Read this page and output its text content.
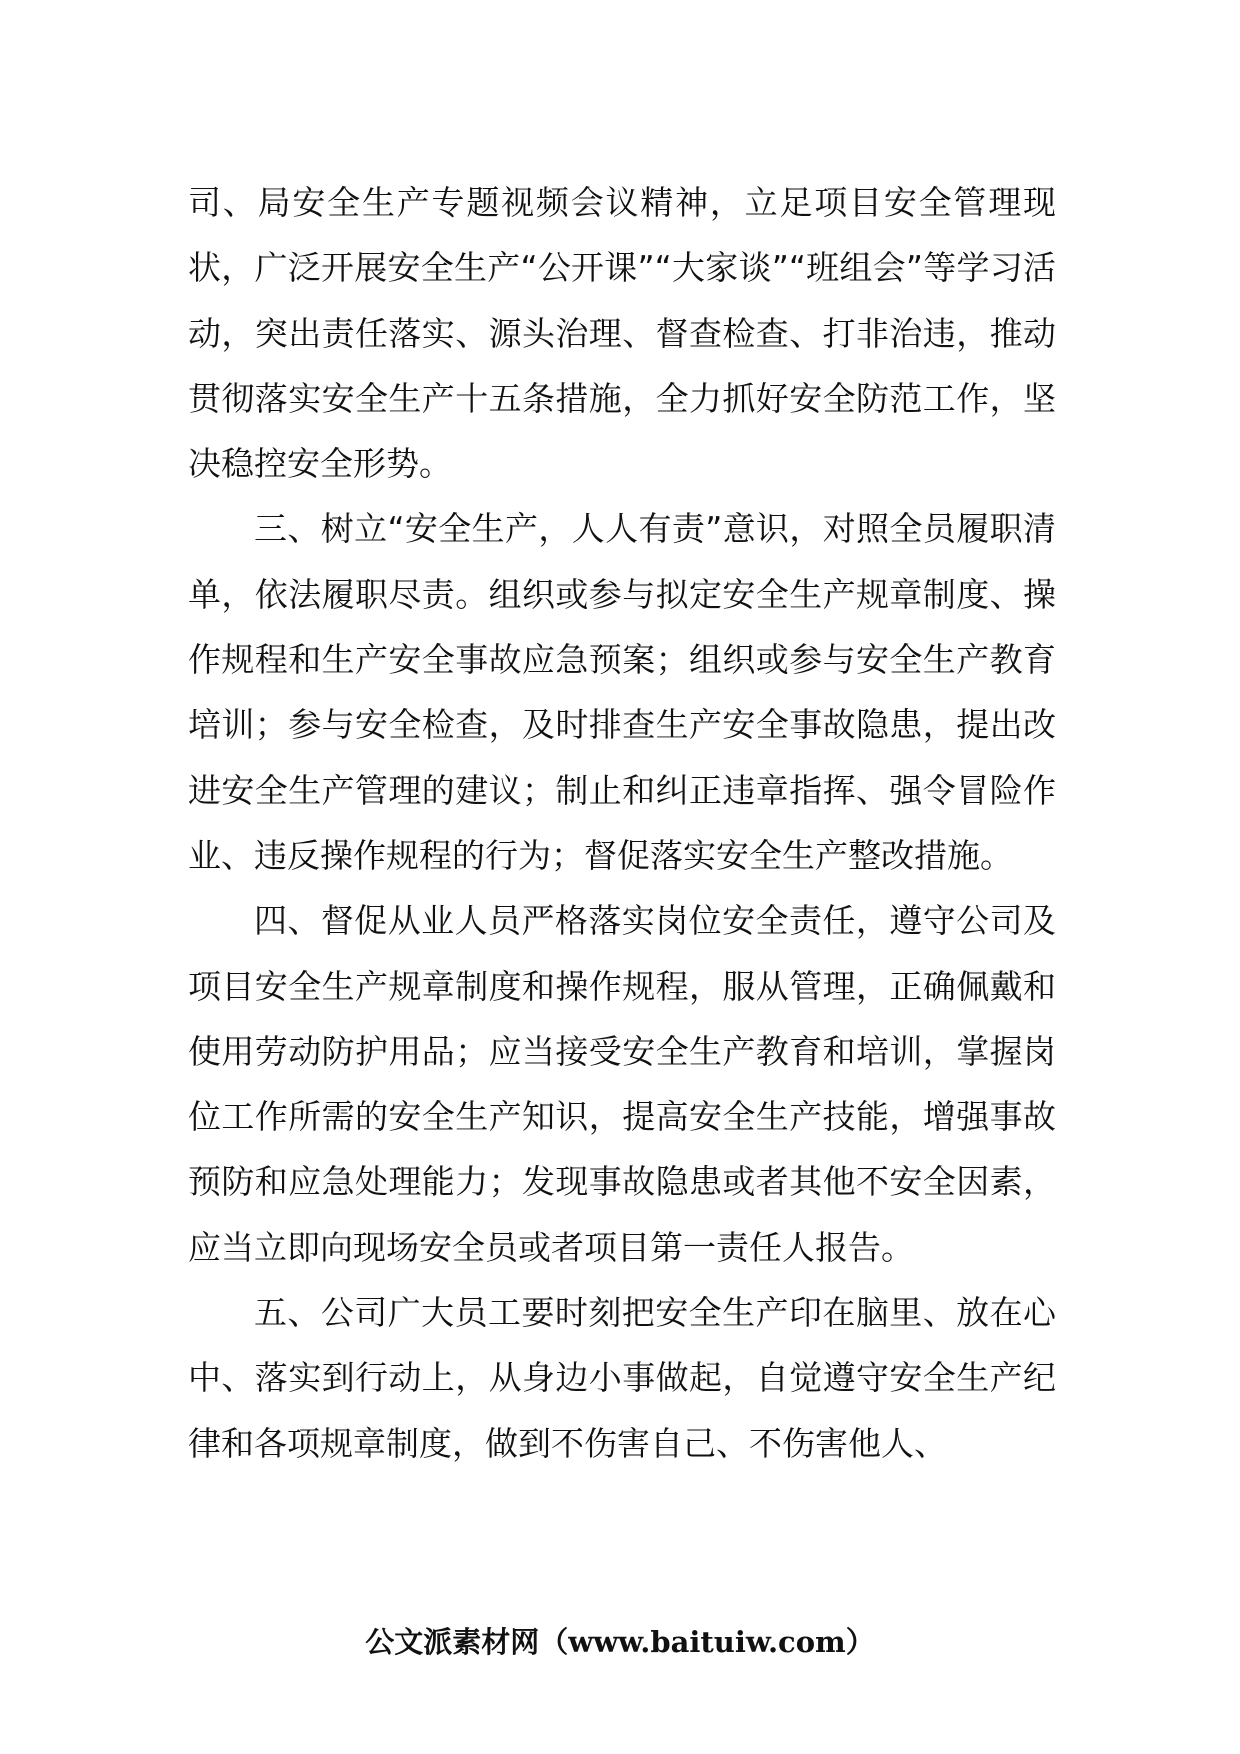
司、局安全生产专题视频会议精神，立足项目安全管理现状，广泛开展安全生产“公开课”“大家谈”“班组会”等学习活动，突出责任落实、源头治理、督查检查、打非治违，推动贯彻落实安全生产十五条措施，全力抓好安全防范工作，坚决稳控安全形势。

三、树立“安全生产，人人有责”意识，对照全员履职清单，依法履职尽责。组织或参与拟定安全生产规章制度、操作规程和生产安全事故应急预案；组织或参与安全生产教育培训；参与安全检查，及时排查生产安全事故隐患，提出改进安全生产管理的建议；制止和纠正违章指挥、强令冒险作业、违反操作规程的行为；督促落实安全生产整改措施。

四、督促从业人员严格落实岗位安全责任，遵守公司及项目安全生产规章制度和操作规程，服从管理，正确佩戴和使用劳动防护用品；应当接受安全生产教育和培训，掌握岗位工作所需的安全生产知识，提高安全生产技能，增强事故预防和应急处理能力；发现事故隐患或者其他不安全因素，应当立即向现场安全员或者项目第一责任人报告。

五、公司广大员工要时刻把安全生产印在脑里、放在心中、落实到行动上，从身边小事做起，自觉遵守安全生产纪律和各项规章制度，做到不伤害自己、不伤害他人、

公文派素材网（www.baituiw.com）
